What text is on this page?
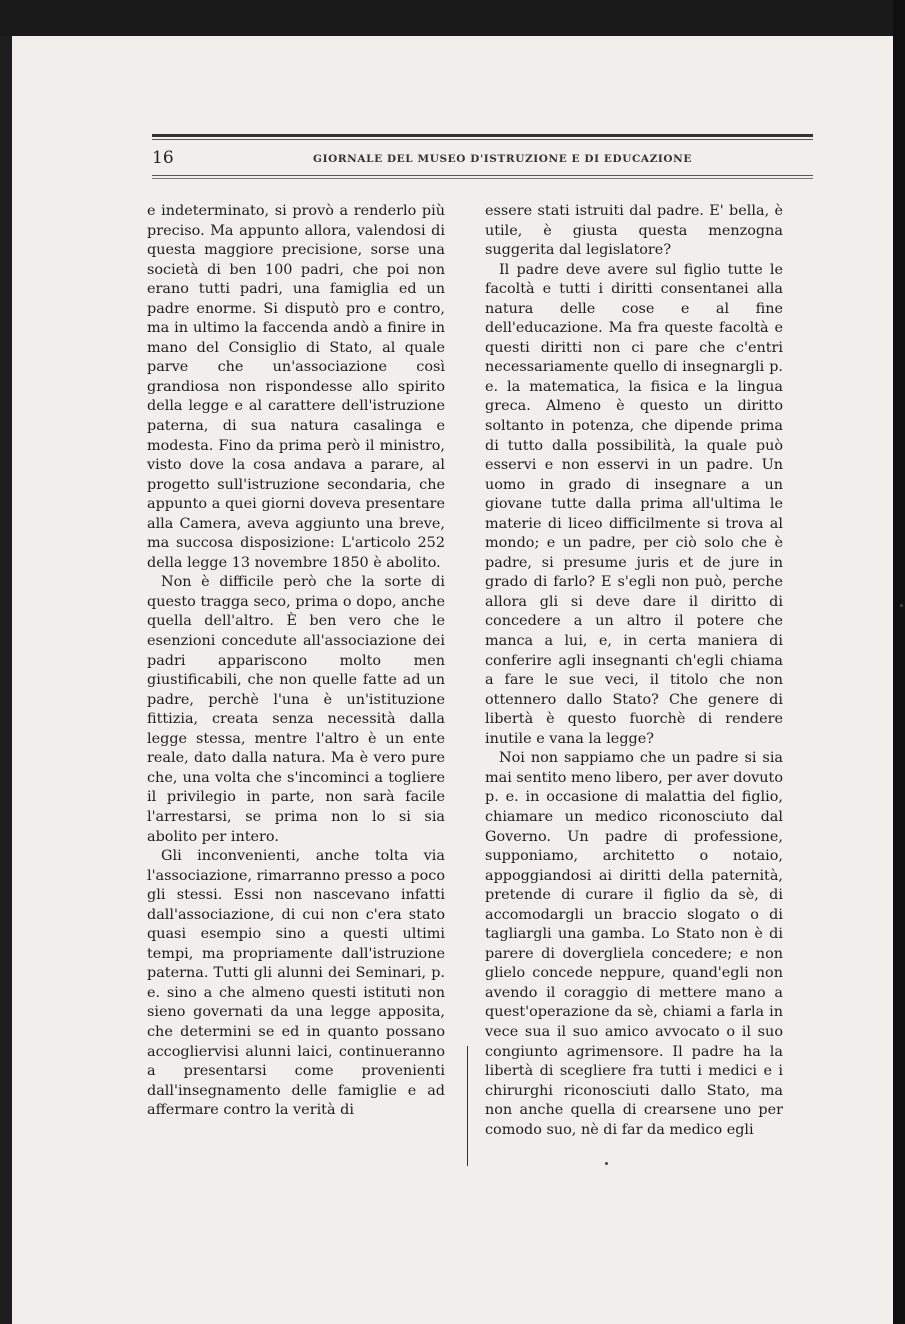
16	GIORNALE DEL MUSEO D'ISTRUZIONE E DI EDUCAZIONE

e indeterminato, si provò a renderlo più preciso. Ma appunto allora, valendosi di questa maggiore precisione, sorse una società di ben 100 padri, che poi non erano tutti padri, una famiglia ed un padre enorme. Si disputò pro e contro, ma in ultimo la faccenda andò a finire in mano del Consiglio di Stato, al quale parve che un'associazione così grandiosa non rispondesse allo spirito della legge e al carattere dell'istruzione paterna, di sua natura casalinga e modesta. Fino da prima però il ministro, visto dove la cosa andava a parare, al progetto sull'istruzione secondaria, che appunto a quei giorni doveva presentare alla Camera, aveva aggiunto una breve, ma succosa disposizione: L'articolo 252 della legge 13 novembre 1850 è abolito.

Non è difficile però che la sorte di questo tragga seco, prima o dopo, anche quella dell'altro. È ben vero che le esenzioni concedute all'associazione dei padri appariscono molto men giustificabili, che non quelle fatte ad un padre, perchè l'una è un'istituzione fittizia, creata senza necessità dalla legge stessa, mentre l'altro è un ente reale, dato dalla natura. Ma è vero pure che, una volta che s'incominci a togliere il privilegio in parte, non sarà facile l'arrestarsi, se prima non lo si sia abolito per intero.

Gli inconvenienti, anche tolta via l'associazione, rimarranno presso a poco gli stessi. Essi non nascevano infatti dall'associazione, di cui non c'era stato quasi esempio sino a questi ultimi tempi, ma propriamente dall'istruzione paterna. Tutti gli alunni dei Seminari, p. e. sino a che almeno questi istituti non sieno governati da una legge apposita, che determini se ed in quanto possano accogliervisi alunni laici, continueranno a presentarsi come provenienti dall'insegnamento delle famiglie e ad affermare contro la verità di

essere stati istruiti dal padre. E' bella, è utile, è giusta questa menzogna suggerita dal legislatore?

Il padre deve avere sul figlio tutte le facoltà e tutti i diritti consentanei alla natura delle cose e al fine dell'educazione. Ma fra queste facoltà e questi diritti non ci pare che c'entri necessariamente quello di insegnargli p. e. la matematica, la fisica e la lingua greca. Almeno è questo un diritto soltanto in potenza, che dipende prima di tutto dalla possibilità, la quale può esservi e non esservi in un padre. Un uomo in grado di insegnare a un giovane tutte dalla prima all'ultima le materie di liceo difficilmente si trova al mondo; e un padre, per ciò solo che è padre, si presume juris et de jure in grado di farlo? E s'egli non può, perche allora gli si deve dare il diritto di concedere a un altro il potere che manca a lui, e, in certa maniera di conferire agli insegnanti ch'egli chiama a fare le sue veci, il titolo che non ottennero dallo Stato? Che genere di libertà è questo fuorchè di rendere inutile e vana la legge?

Noi non sappiamo che un padre si sia mai sentito meno libero, per aver dovuto p. e. in occasione di malattia del figlio, chiamare un medico riconosciuto dal Governo. Un padre di professione, supponiamo, architetto o notaio, appoggiandosi ai diritti della paternità, pretende di curare il figlio da sè, di accomodargli un braccio slogato o di tagliargli una gamba. Lo Stato non è di parere di dovergliela concedere; e non glielo concede neppure, quand'egli non avendo il coraggio di mettere mano a quest'operazione da sè, chiami a farla in vece sua il suo amico avvocato o il suo congiunto agrimensore. Il padre ha la libertà di scegliere fra tutti i medici e i chirurghi riconosciuti dallo Stato, ma non anche quella di crearsene uno per comodo suo, nè di far da medico egli
